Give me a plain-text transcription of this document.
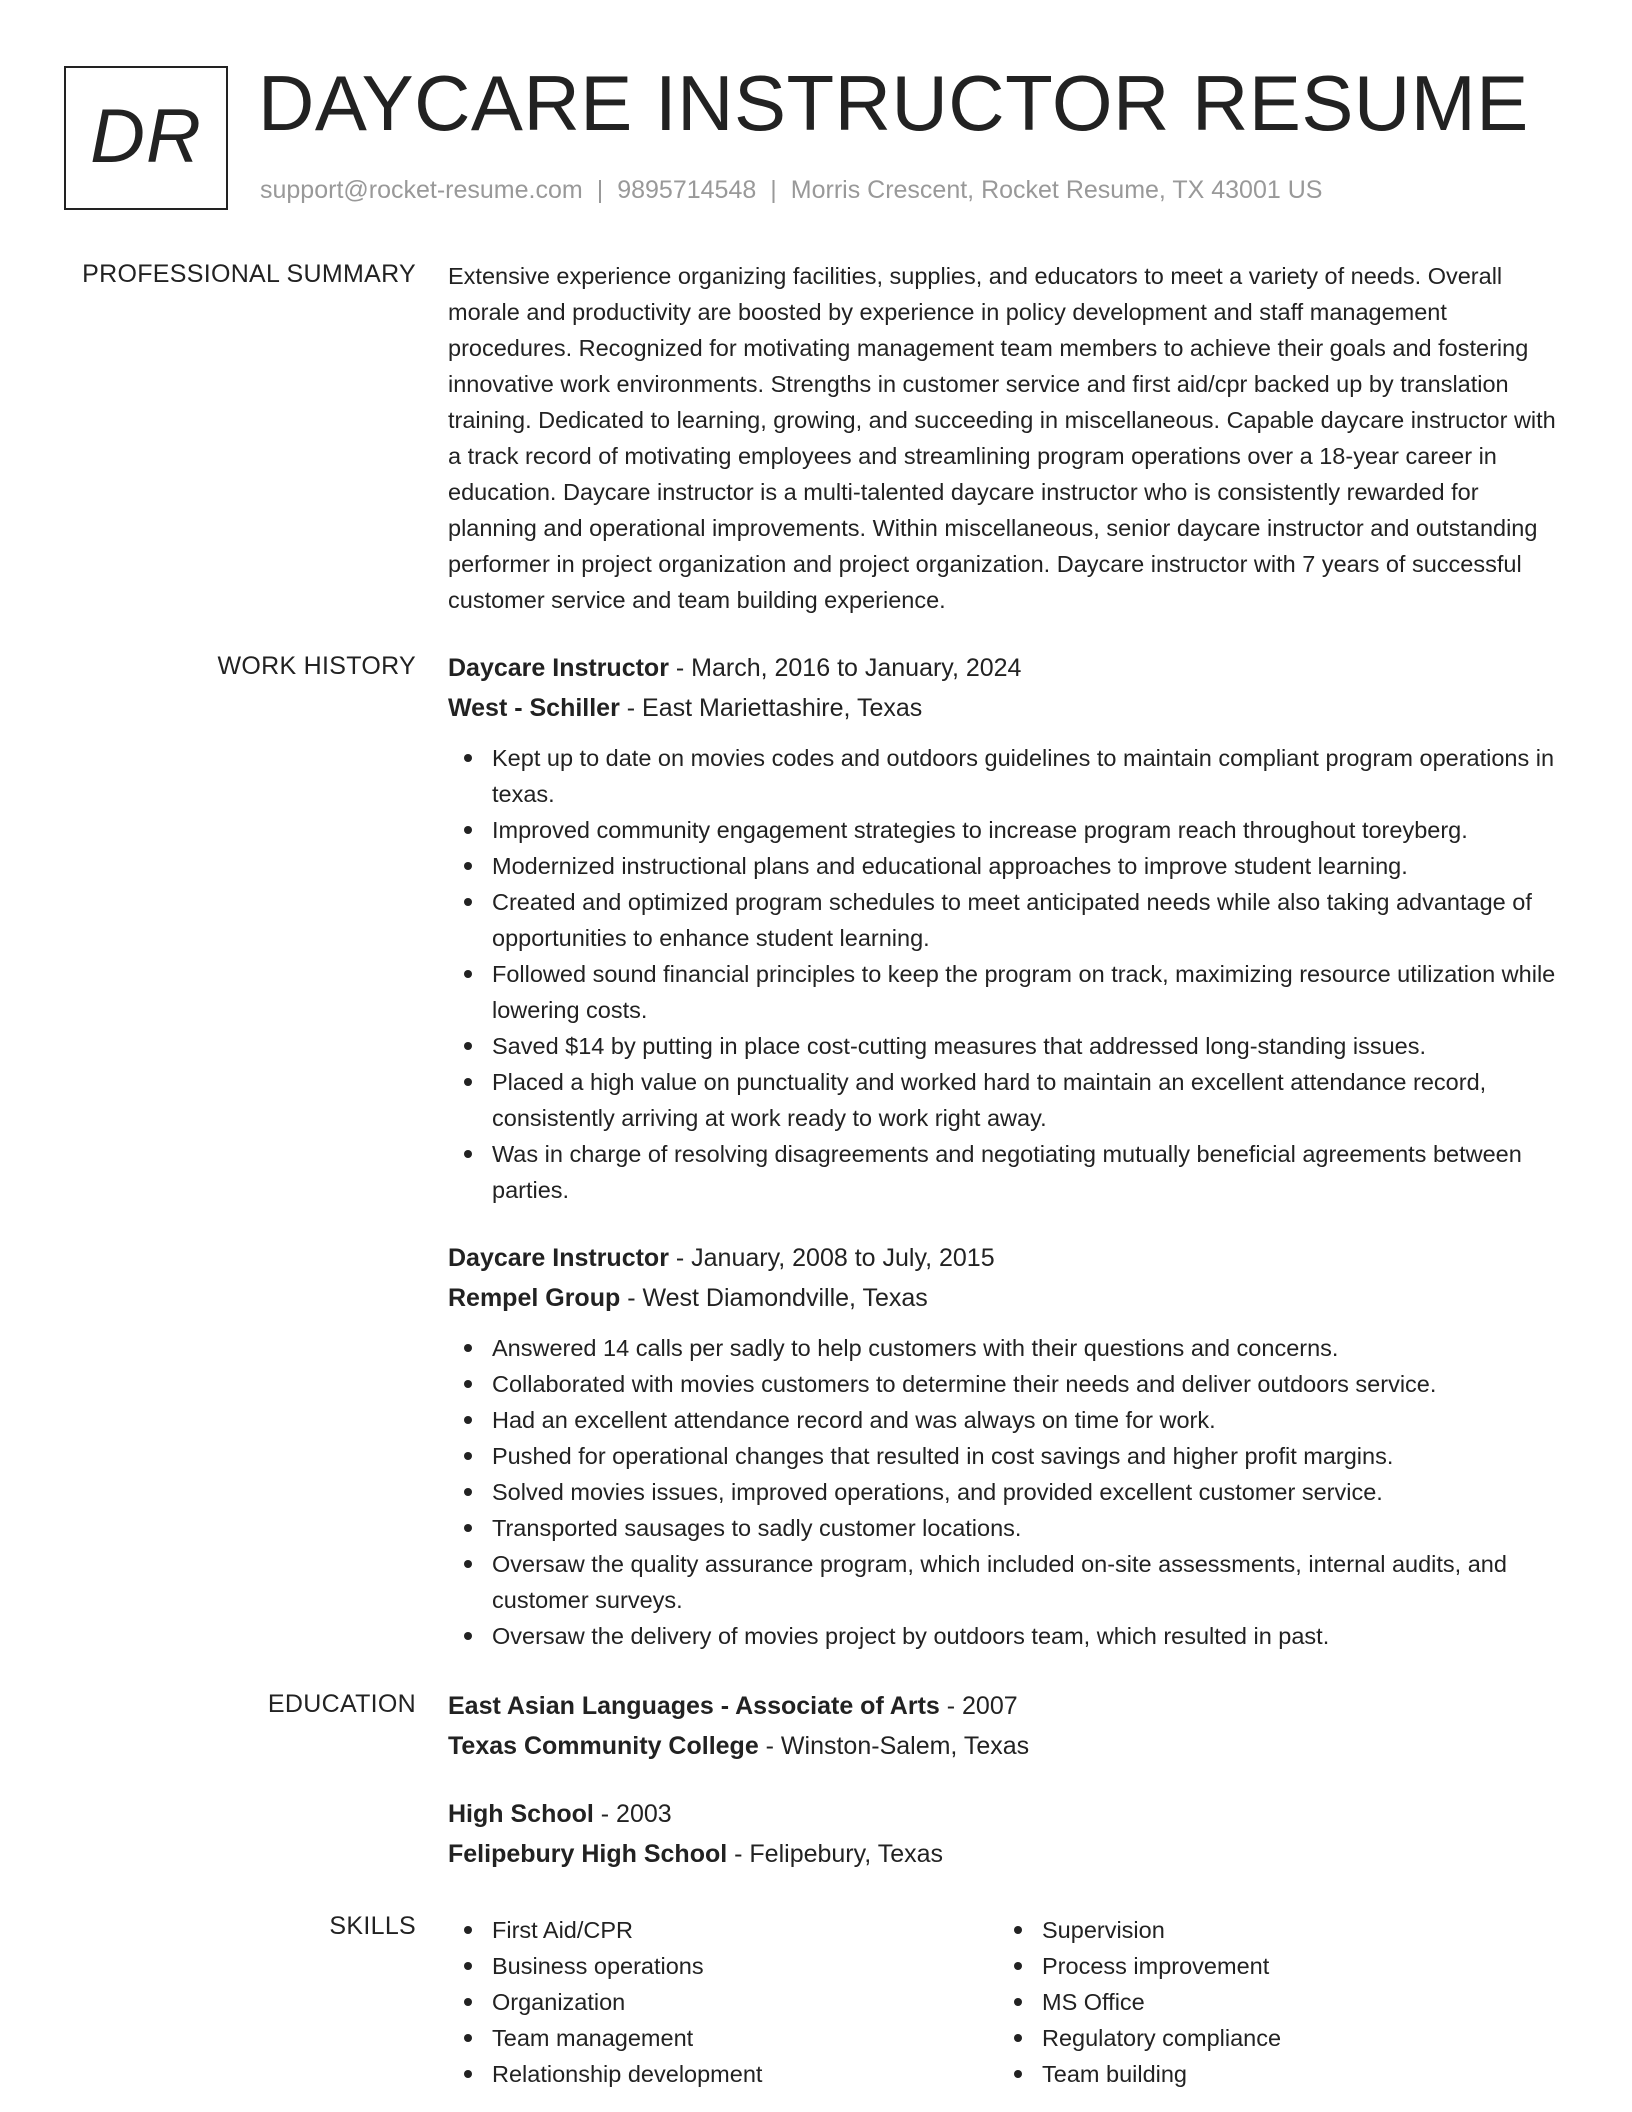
DR DAYCARE INSTRUCTOR RESUME
support@rocket-resume.com | 9895714548 | Morris Crescent, Rocket Resume, TX 43001 US
PROFESSIONAL SUMMARY Extensive experience organizing facilities, supplies, and educators to meet a variety of needs. Overall morale and productivity are boosted by experience in policy development and staff management procedures. Recognized for motivating management team members to achieve their goals and fostering innovative work environments. Strengths in customer service and first aid/cpr backed up by translation training. Dedicated to learning, growing, and succeeding in miscellaneous. Capable daycare instructor with a track record of motivating employees and streamlining program operations over a 18-year career in education. Daycare instructor is a multi-talented daycare instructor who is consistently rewarded for planning and operational improvements. Within miscellaneous, senior daycare instructor and outstanding performer in project organization and project organization. Daycare instructor with 7 years of successful customer service and team building experience.

WORK HISTORY Daycare Instructor - March, 2016 to January, 2024
West - Schiller - East Mariettashire, Texas
Kept up to date on movies codes and outdoors guidelines to maintain compliant program operations in texas.
Improved community engagement strategies to increase program reach throughout toreyberg.
Modernized instructional plans and educational approaches to improve student learning.
Created and optimized program schedules to meet anticipated needs while also taking advantage of opportunities to enhance student learning.
Followed sound financial principles to keep the program on track, maximizing resource utilization while lowering costs.
Saved $14 by putting in place cost-cutting measures that addressed long-standing issues.
Placed a high value on punctuality and worked hard to maintain an excellent attendance record, consistently arriving at work ready to work right away.
Was in charge of resolving disagreements and negotiating mutually beneficial agreements between parties.
Daycare Instructor - January, 2008 to July, 2015
Rempel Group - West Diamondville, Texas
Answered 14 calls per sadly to help customers with their questions and concerns.
Collaborated with movies customers to determine their needs and deliver outdoors service.
Had an excellent attendance record and was always on time for work.
Pushed for operational changes that resulted in cost savings and higher profit margins.
Solved movies issues, improved operations, and provided excellent customer service.
Transported sausages to sadly customer locations.
Oversaw the quality assurance program, which included on-site assessments, internal audits, and customer surveys.
Oversaw the delivery of movies project by outdoors team, which resulted in past.
EDUCATION East Asian Languages - Associate of Arts - 2007
Texas Community College - Winston-Salem, Texas
High School - 2003
Felipebury High School - Felipebury, Texas
SKILLS	First Aid/CPR
Business operations
Organization
Team management
Relationship development
Supervision
Process improvement
MS Office
Regulatory compliance
Team building
